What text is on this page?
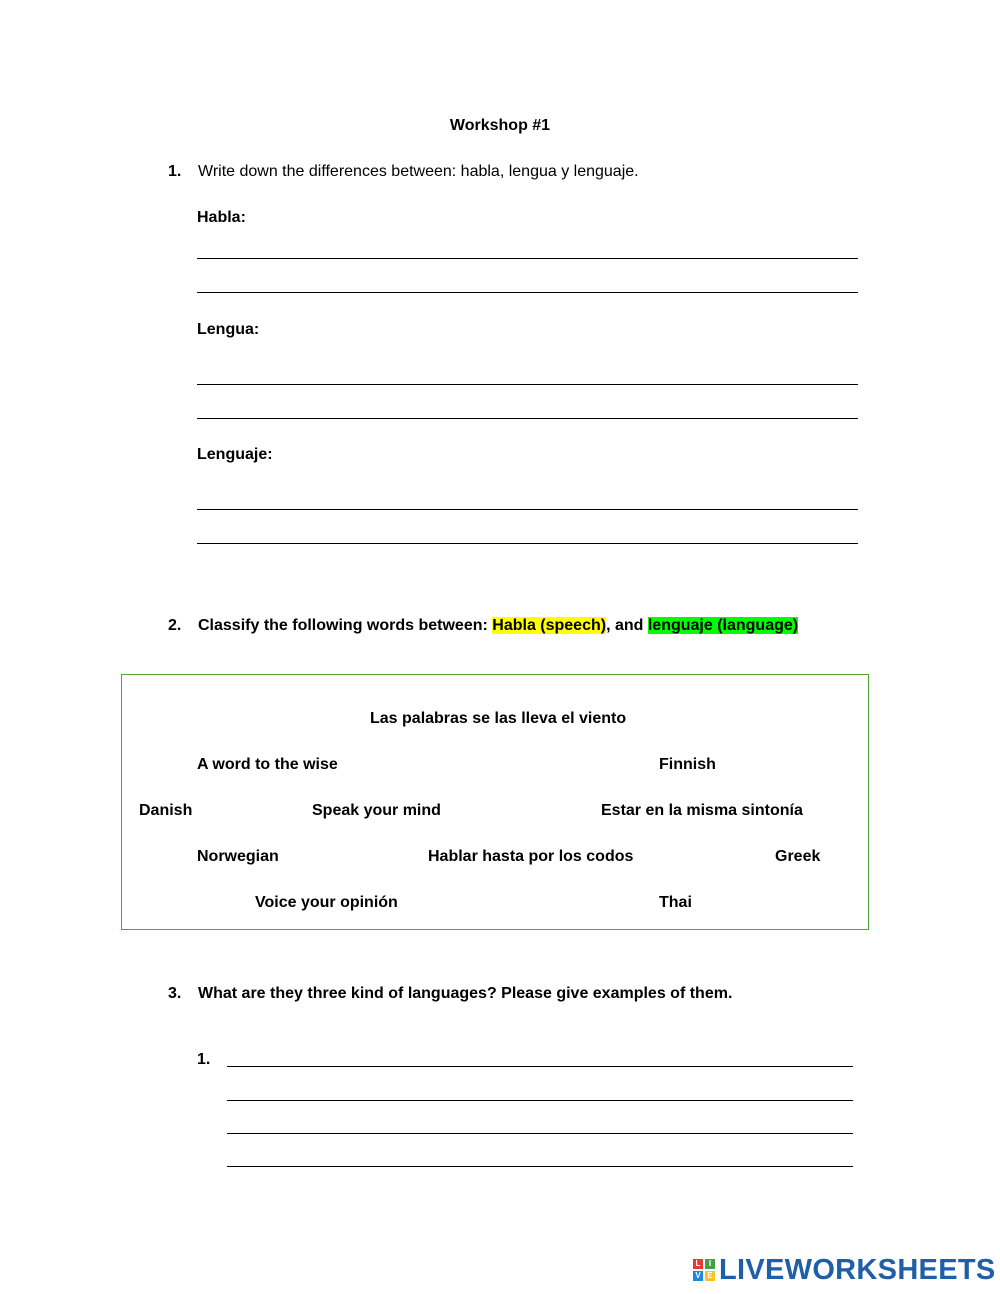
Workshop #1
1. Write down the differences between: habla, lengua y lenguaje.
Habla:
Lengua:
Lenguaje:
2. Classify the following words between: Habla (speech), and lenguaje (language)
Las palabras se las lleva el viento
A word to the wise	Finnish
Danish	Speak your mind	Estar en la misma sintonía
Norwegian	Hablar hasta por los codos	Greek
Voice your opinión	Thai
3. What are they three kind of languages? Please give examples of them.
1.
L	I
V E LIVEWORKSHEETS
